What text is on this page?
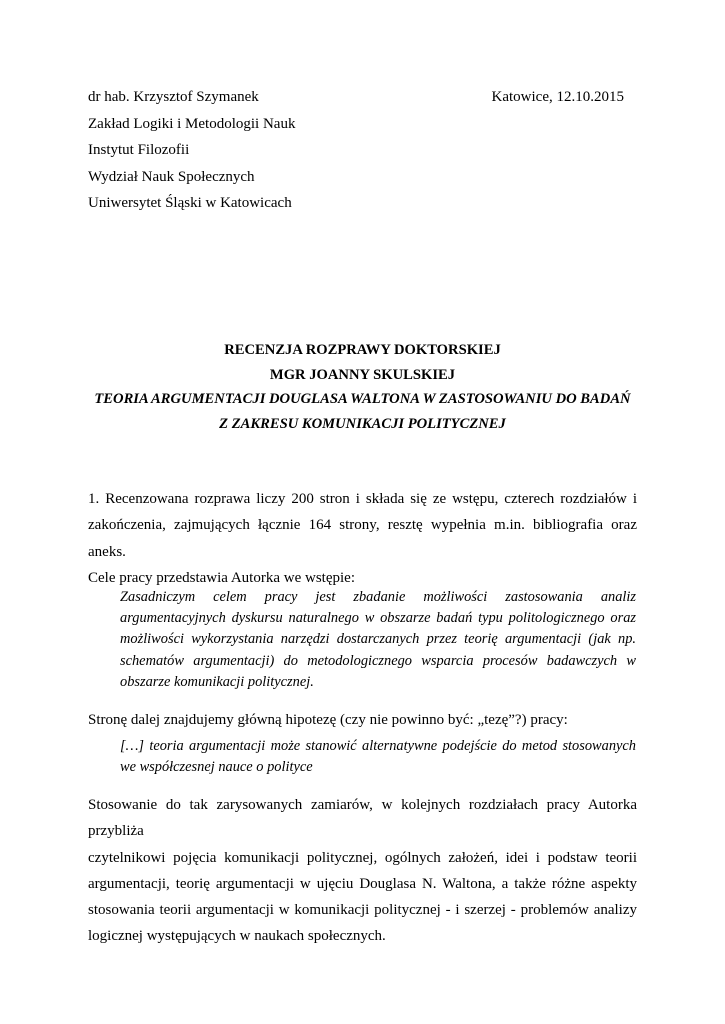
dr hab. Krzysztof Szymanek
Zakład Logiki i Metodologii Nauk
Instytut Filozofii
Wydział Nauk Społecznych
Uniwersytet Śląski w Katowicach
Katowice, 12.10.2015
RECENZJA ROZPRAWY DOKTORSKIEJ
MGR JOANNY SKULSKIEJ
TEORIA ARGUMENTACJI DOUGLASA WALTONA W ZASTOSOWANIU DO BADAŃ
Z ZAKRESU KOMUNIKACJI POLITYCZNEJ
1. Recenzowana rozprawa liczy 200 stron i składa się ze wstępu, czterech rozdziałów i
zakończenia, zajmujących łącznie 164 strony, resztę wypełnia m.in. bibliografia oraz aneks.
Cele pracy przedstawia Autorka we wstępie:
Zasadniczym celem pracy jest zbadanie możliwości zastosowania analiz
argumentacyjnych dyskursu naturalnego w obszarze badań typu politologicznego oraz
możliwości wykorzystania narzędzi dostarczanych przez teorię argumentacji (jak np.
schematów argumentacji) do metodologicznego wsparcia procesów badawczych w
obszarze komunikacji politycznej.
Stronę dalej znajdujemy główną hipotezę (czy nie powinno być: „tezę”?) pracy:
[…] teoria argumentacji może stanowić alternatywne podejście do metod stosowanych
we współczesnej nauce o polityce
Stosowanie do tak zarysowanych zamiarów, w kolejnych rozdziałach pracy Autorka przybliża
czytelnikowi pojęcia komunikacji politycznej, ogólnych założeń, idei i podstaw teorii
argumentacji, teorię argumentacji w ujęciu Douglasa N. Waltona, a także różne aspekty
stosowania teorii argumentacji w komunikacji politycznej - i szerzej - problemów analizy
logicznej występujących w naukach społecznych.
